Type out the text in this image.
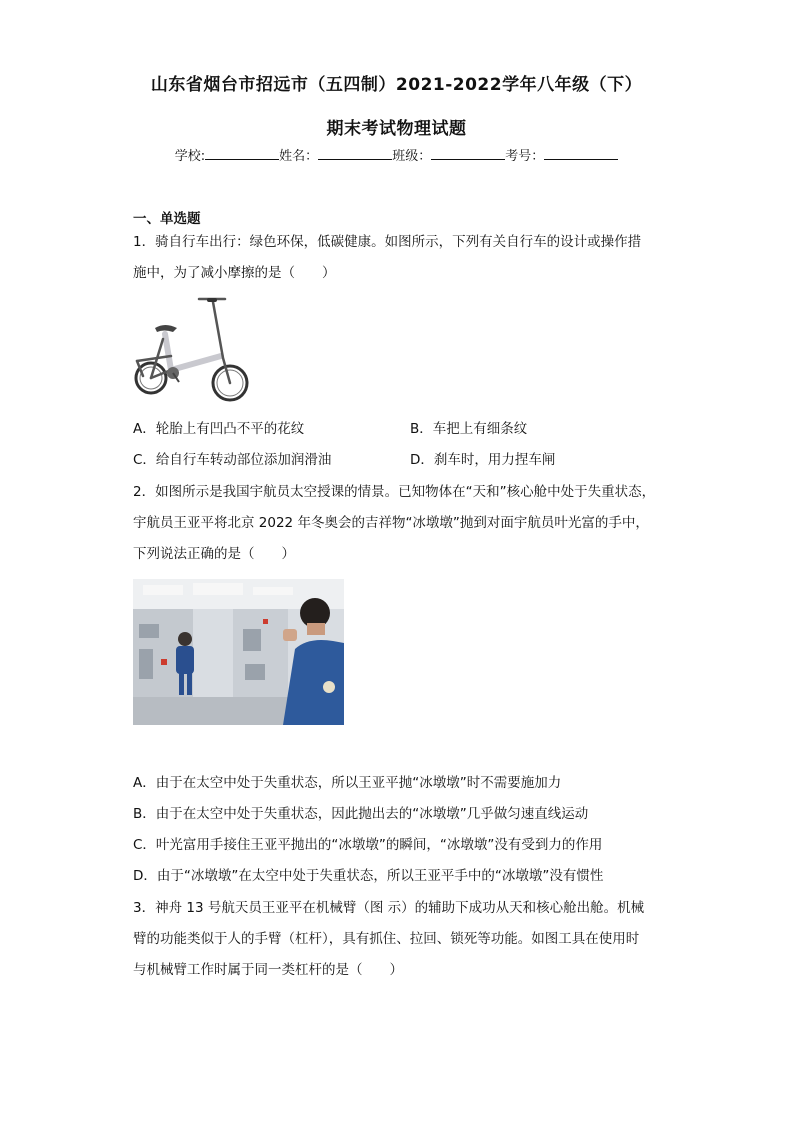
山东省烟台市招远市（五四制）2021-2022学年八年级（下）
期末考试物理试题
学校:	姓名：	班级：	考号：
一、单选题
1．骑自行车出行：绿色环保，低碳健康。如图所示，下列有关自行车的设计或操作措
施中，为了减小摩擦的是（　　）
A．轮胎上有凹凸不平的花纹	B．车把上有细条纹
C．给自行车转动部位添加润滑油	D．刹车时，用力捏车闸
2．如图所示是我国宇航员太空授课的情景。已知物体在“天和”核心舱中处于失重状态，
宇航员王亚平将北京 2022 年冬奥会的吉祥物“冰墩墩”抛到对面宇航员叶光富的手中，
下列说法正确的是（　　）
A．由于在太空中处于失重状态，所以王亚平抛“冰墩墩”时不需要施加力
B．由于在太空中处于失重状态，因此抛出去的“冰墩墩”几乎做匀速直线运动
C．叶光富用手接住王亚平抛出的“冰墩墩”的瞬间，“冰墩墩”没有受到力的作用
D．由于“冰墩墩”在太空中处于失重状态，所以王亚平手中的“冰墩墩”没有惯性
3．神舟 13 号航天员王亚平在机械臂（图 示）的辅助下成功从天和核心舱出舱。机械
臂的功能类似于人的手臂（杠杆），具有抓住、拉回、锁死等功能。如图工具在使用时
与机械臂工作时属于同一类杠杆的是（　　）
